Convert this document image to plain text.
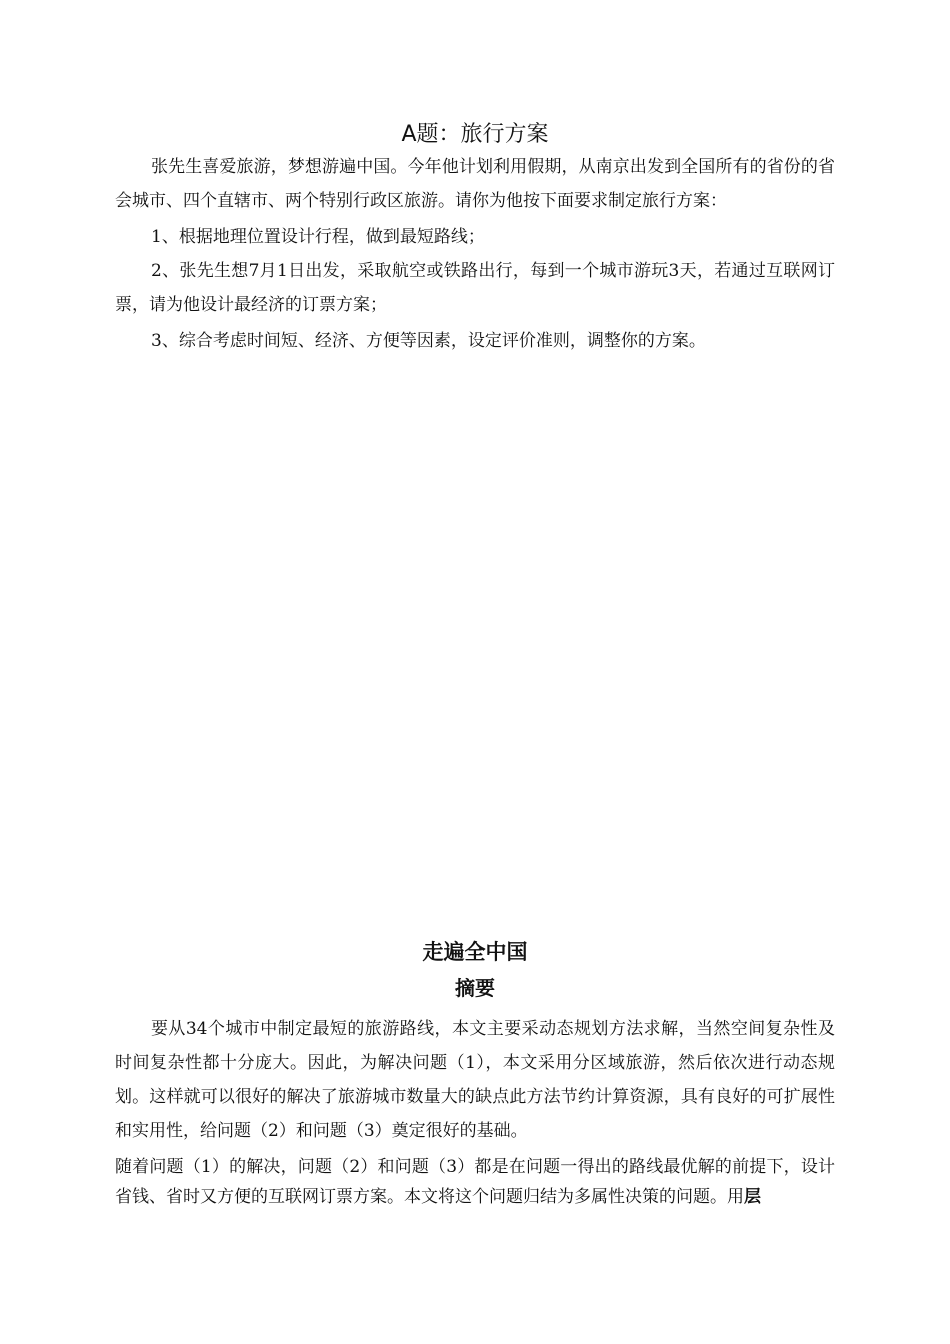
A题：旅行方案
张先生喜爱旅游，梦想游遍中国。今年他计划利用假期，从南京出发到全国所有的省份的省会城市、四个直辖市、两个特别行政区旅游。请你为他按下面要求制定旅行方案：
1、根据地理位置设计行程，做到最短路线；
2、张先生想7月1日出发，采取航空或铁路出行，每到一个城市游玩3天，若通过互联网订票，请为他设计最经济的订票方案；
3、综合考虑时间短、经济、方便等因素，设定评价准则，调整你的方案。
走遍全中国
摘要
要从34个城市中制定最短的旅游路线，本文主要采动态规划方法求解，当然空间复杂性及时间复杂性都十分庞大。因此，为解决问题（1），本文采用分区域旅游，然后依次进行动态规划。这样就可以很好的解决了旅游城市数量大的缺点此方法节约计算资源，具有良好的可扩展性和实用性，给问题（2）和问题（3）奠定很好的基础。
随着问题（1）的解决，问题（2）和问题（3）都是在问题一得出的路线最优解的前提下，设计省钱、省时又方便的互联网订票方案。本文将这个问题归结为多属性决策的问题。用层
